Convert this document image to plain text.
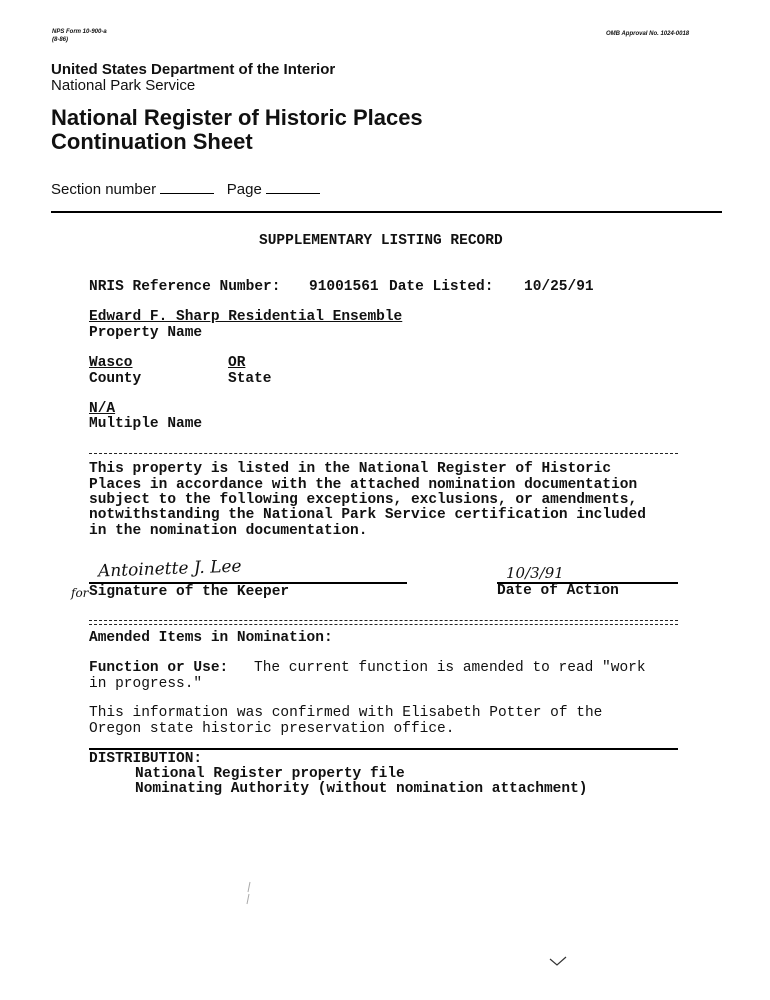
NPS Form 10-900-a
(8-86)
OMB Approval No. 1024-0018
United States Department of the Interior
National Park Service
National Register of Historic Places
Continuation Sheet
Section number	Page
SUPPLEMENTARY LISTING RECORD
NRIS Reference Number: 91001561 Date Listed: 10/25/91
Edward F. Sharp Residential Ensemble
Property Name
Wasco
County
OR
State
N/A
Multiple Name
This property is listed in the National Register of Historic
Places in accordance with the attached nomination documentation
subject to the following exceptions, exclusions, or amendments,
notwithstanding the National Park Service certification included
in the nomination documentation.
Antoinette J. Lee
for Signature of the Keeper
10/3/91
Date of Action
Amended Items in Nomination:
Function or Use: The current function is amended to read "work
in progress."
This information was confirmed with Elisabeth Potter of the
Oregon state historic preservation office.
DISTRIBUTION:
National Register property file
Nominating Authority (without nomination attachment)
